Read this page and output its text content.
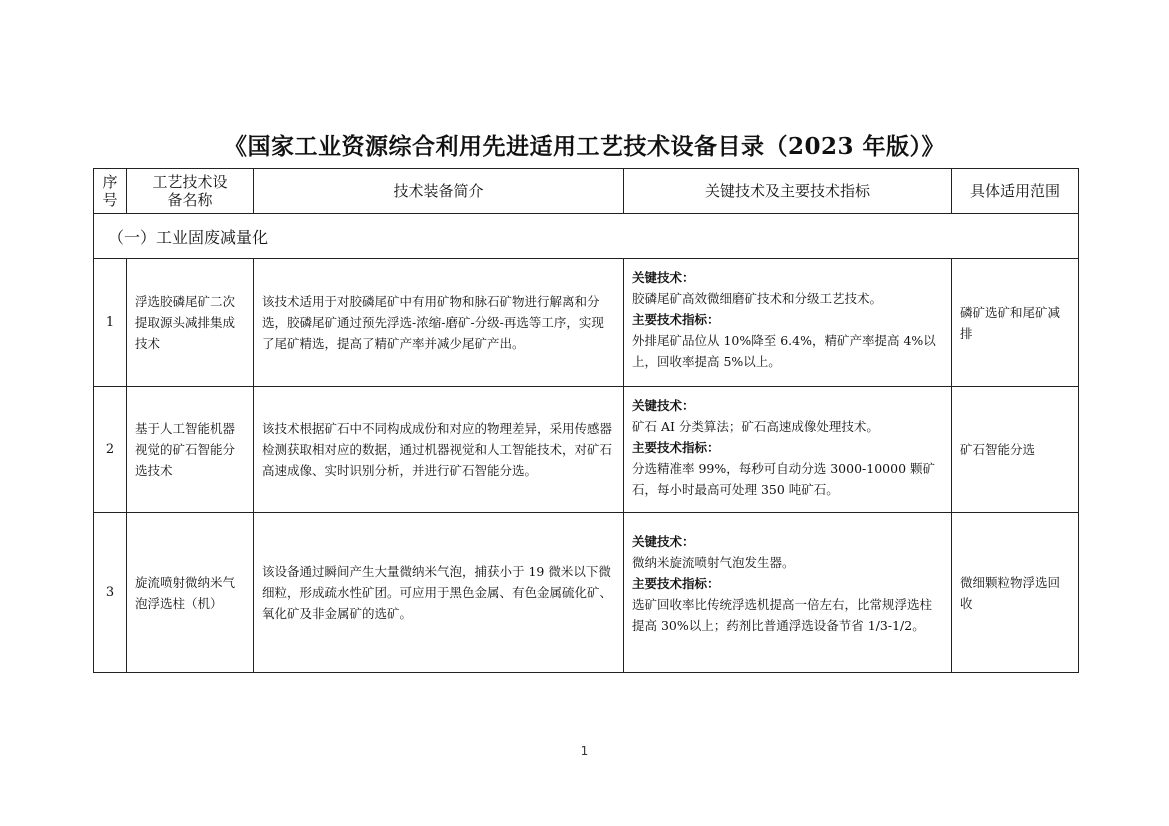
《国家工业资源综合利用先进适用工艺技术设备目录（2023 年版）》
序号	工艺技术设备名称	技术装备简介	关键技术及主要技术指标	具体适用范围
（一）工业固废减量化				
1	浮选胶磷尾矿二次提取源头减排集成技术	该技术适用于对胶磷尾矿中有用矿物和脉石矿物进行解离和分选，胶磷尾矿通过预先浮选-浓缩-磨矿-分级-再选等工序，实现了尾矿精选，提高了精矿产率并减少尾矿产出。	关键技术：
胶磷尾矿高效微细磨矿技术和分级工艺技术。
主要技术指标：
外排尾矿品位从 10%降至 6.4%，精矿产率提高 4%以上，回收率提高 5%以上。	磷矿选矿和尾矿减排
2	基于人工智能机器视觉的矿石智能分选技术	该技术根据矿石中不同构成成份和对应的物理差异，采用传感器检测获取相对应的数据，通过机器视觉和人工智能技术，对矿石高速成像、实时识别分析，并进行矿石智能分选。	关键技术：
矿石 AI 分类算法；矿石高速成像处理技术。
主要技术指标：
分选精准率 99%，每秒可自动分选 3000-10000 颗矿石，每小时最高可处理 350 吨矿石。	矿石智能分选
3	旋流喷射微纳米气泡浮选柱（机）	该设备通过瞬间产生大量微纳米气泡，捕获小于 19 微米以下微细粒，形成疏水性矿团。可应用于黑色金属、有色金属硫化矿、氧化矿及非金属矿的选矿。	关键技术：
微纳米旋流喷射气泡发生器。
主要技术指标：
选矿回收率比传统浮选机提高一倍左右，比常规浮选柱提高 30%以上；药剂比普通浮选设备节省 1/3-1/2。	微细颗粒物浮选回收
1
